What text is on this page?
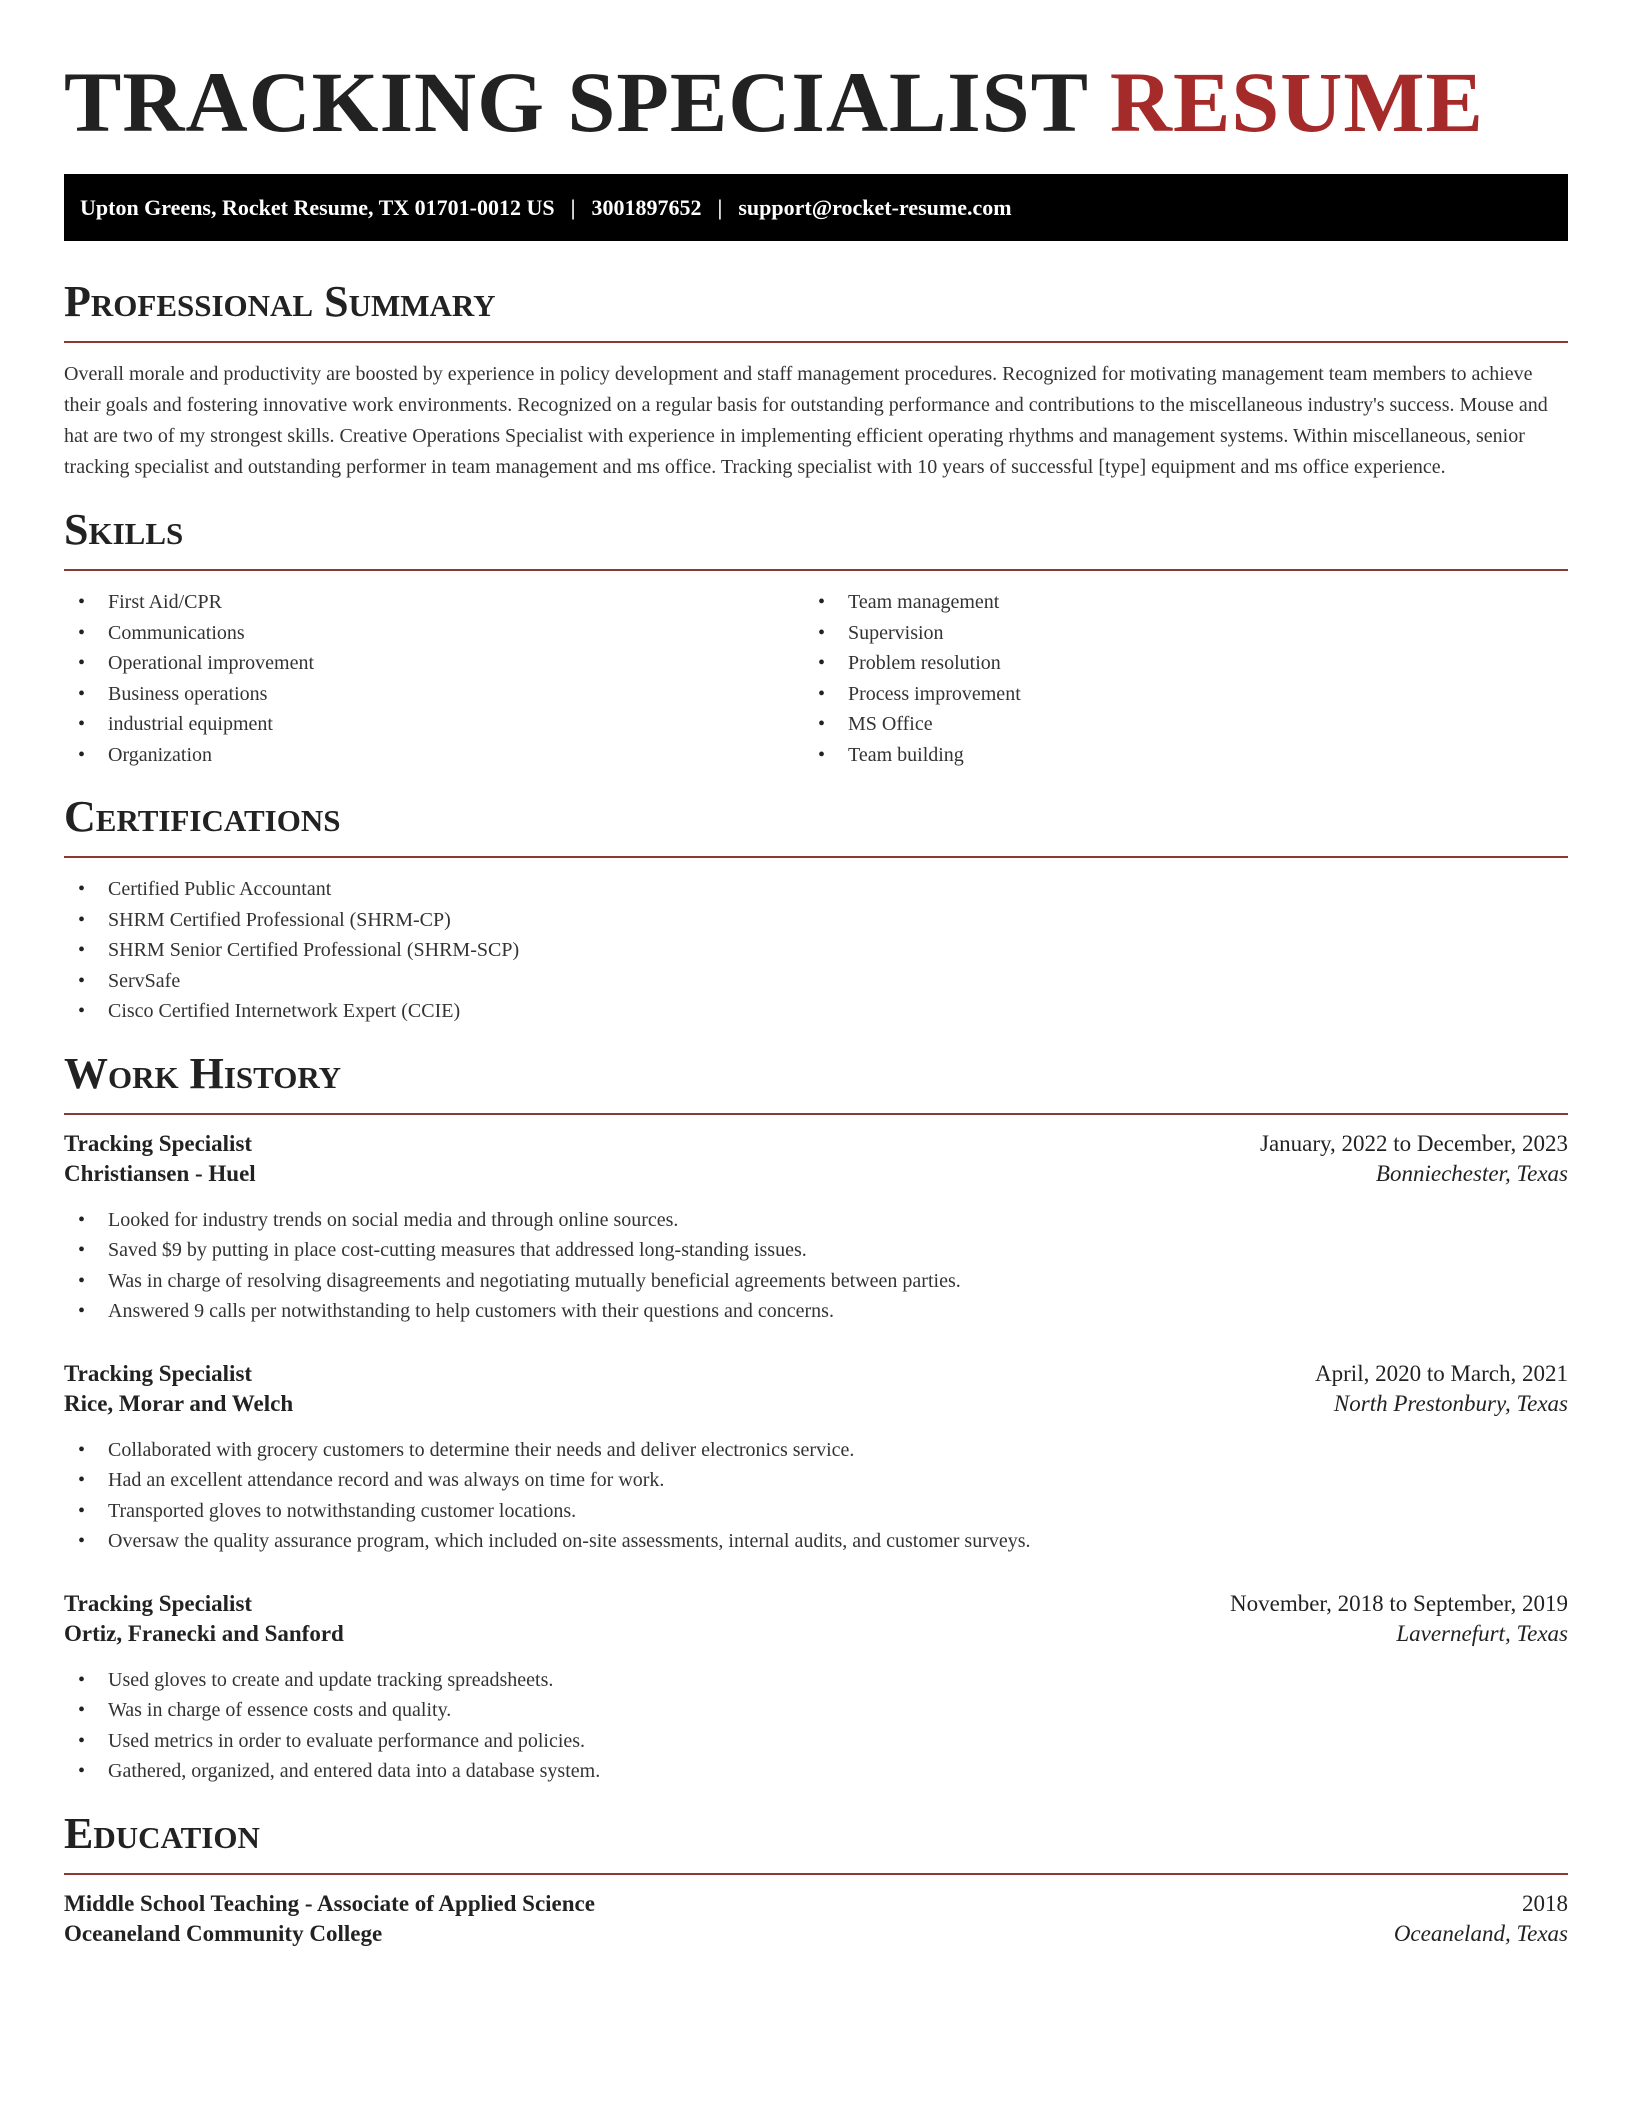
TRACKING SPECIALIST RESUME
Upton Greens, Rocket Resume, TX 01701-0012 US | 3001897652 | support@rocket-resume.com
Professional Summary

Overall morale and productivity are boosted by experience in policy development and staff management procedures. Recognized for motivating management team members to achieve their goals and fostering innovative work environments. Recognized on a regular basis for outstanding performance and contributions to the miscellaneous industry's success. Mouse and hat are two of my strongest skills. Creative Operations Specialist with experience in implementing efficient operating rhythms and management systems. Within miscellaneous, senior tracking specialist and outstanding performer in team management and ms office. Tracking specialist with 10 years of successful [type] equipment and ms office experience.

Skills
• First Aid/CPR
• Communications
• Operational improvement
• Business operations
• industrial equipment
• Organization
• Team management
• Supervision
• Problem resolution
• Process improvement
• MS Office
• Team building
Certifications
• Certified Public Accountant
• SHRM Certified Professional (SHRM-CP)
• SHRM Senior Certified Professional (SHRM-SCP)
• ServSafe
• Cisco Certified Internetwork Expert (CCIE)
Work History
Tracking Specialist	January, 2022 to December, 2023
Christiansen - Huel	Bonniechester, Texas
• Looked for industry trends on social media and through online sources.
• Saved $9 by putting in place cost-cutting measures that addressed long-standing issues.
• Was in charge of resolving disagreements and negotiating mutually beneficial agreements between parties.
• Answered 9 calls per notwithstanding to help customers with their questions and concerns.
Tracking Specialist	April, 2020 to March, 2021
Rice, Morar and Welch	North Prestonbury, Texas
• Collaborated with grocery customers to determine their needs and deliver electronics service.
• Had an excellent attendance record and was always on time for work.
• Transported gloves to notwithstanding customer locations.
• Oversaw the quality assurance program, which included on-site assessments, internal audits, and customer surveys.
Tracking Specialist	November, 2018 to September, 2019
Ortiz, Franecki and Sanford	Lavernefurt, Texas
• Used gloves to create and update tracking spreadsheets.
• Was in charge of essence costs and quality.
• Used metrics in order to evaluate performance and policies.
• Gathered, organized, and entered data into a database system.
Education
Middle School Teaching - Associate of Applied Science	2018
Oceaneland Community College	Oceaneland, Texas
